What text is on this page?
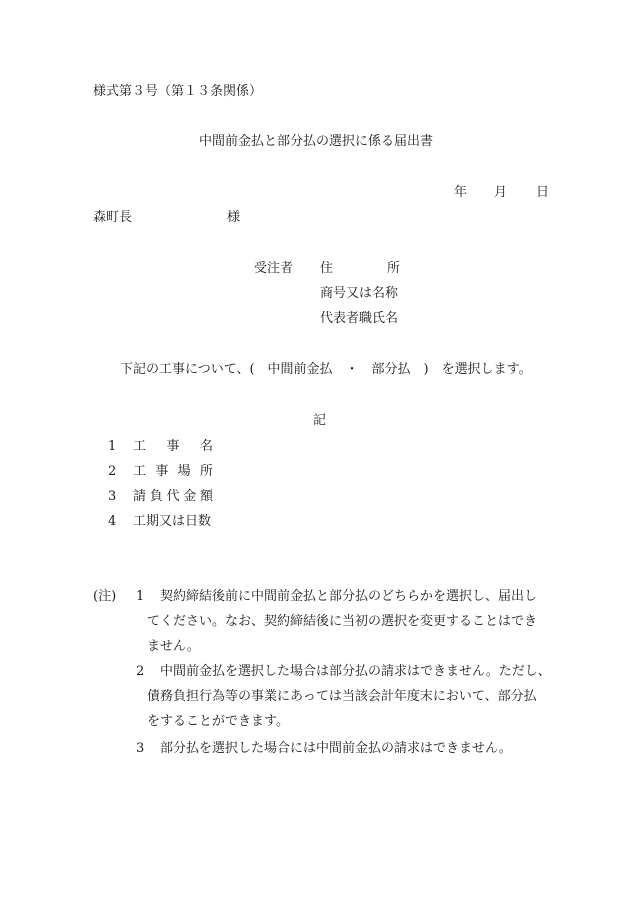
様式第３号（第１３条関係）
中間前金払と部分払の選択に係る届出書
年 月 日
森町長	様
受注者 住	所
商号又は名称
代表者職氏名
下記の工事について、(　中間前金払　・　部分払　)　を選択します。
記
1 工 事 名
2 工 事 場 所
3 請 負 代 金 額
4 工期又は日数
(注) 1 契約締結後前に中間前金払と部分払のどちらかを選択し、届出し
てください。なお、契約締結後に当初の選択を変更することはでき
ません。
2 中間前金払を選択した場合は部分払の請求はできません。ただし、
債務負担行為等の事業にあっては当該会計年度末において、部分払
をすることができます。
3 部分払を選択した場合には中間前金払の請求はできません。
